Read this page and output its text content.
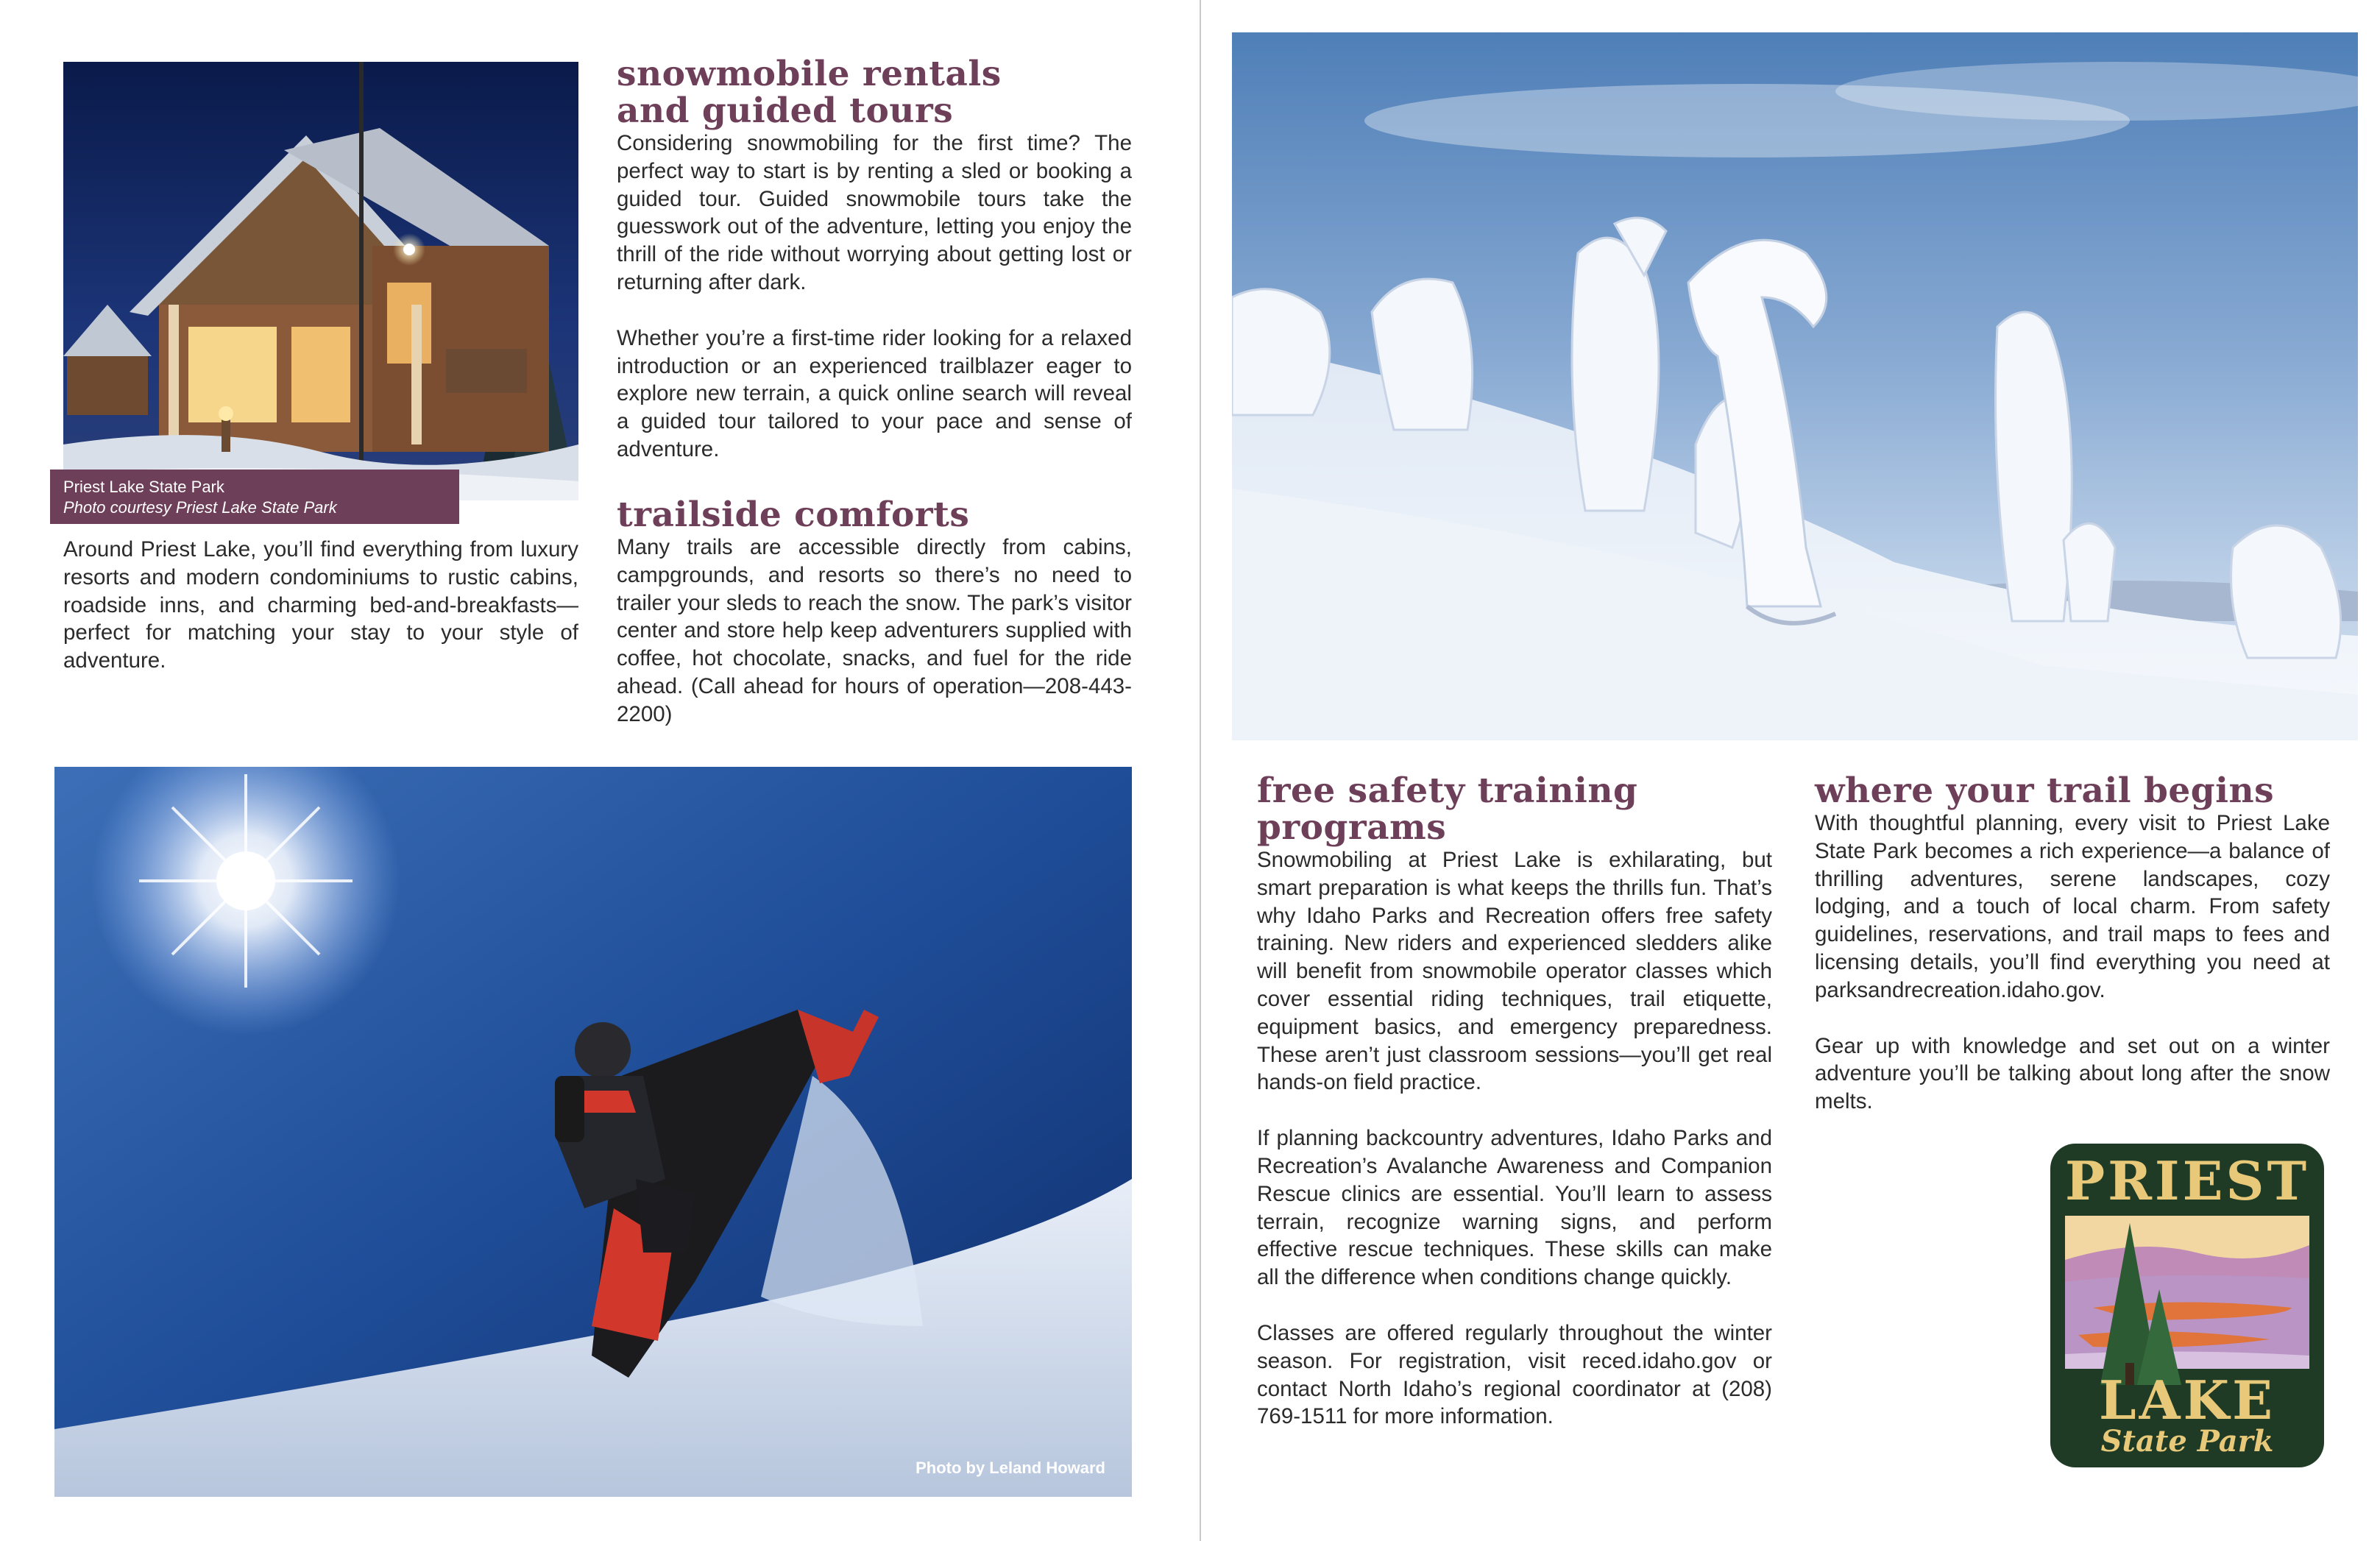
Priest Lake State Park
Photo courtesy Priest Lake State Park

Around Priest Lake, you’ll find everything from luxury resorts and modern condominiums to rustic cabins, roadside inns, and charming bed-and-breakfasts—perfect for matching your stay to your style of adventure.

snowmobile rentals and guided tours

Considering snowmobiling for the first time? The perfect way to start is by renting a sled or booking a guided tour. Guided snowmobile tours take the guesswork out of the adventure, letting you enjoy the thrill of the ride without worrying about getting lost or returning after dark.

Whether you’re a first-time rider looking for a relaxed introduction or an experienced trailblazer eager to explore new terrain, a quick online search will reveal a guided tour tailored to your pace and sense of adventure.

trailside comforts

Many trails are accessible directly from cabins, campgrounds, and resorts so there’s no need to trailer your sleds to reach the snow. The park’s visitor center and store help keep adventurers supplied with coffee, hot chocolate, snacks, and fuel for the ride ahead. (Call ahead for hours of operation—208-443-2200)

Photo by Leland Howard
free safety training programs

Snowmobiling at Priest Lake is exhilarating, but smart preparation is what keeps the thrills fun. That’s why Idaho Parks and Recreation offers free safety training. New riders and experienced sledders alike will benefit from snowmobile operator classes which cover essential riding techniques, trail etiquette, equipment basics, and emergency preparedness. These aren’t just classroom sessions—you’ll get real hands-on field practice.

If planning backcountry adventures, Idaho Parks and Recreation’s Avalanche Awareness and Companion Rescue clinics are essential. You’ll learn to assess terrain, recognize warning signs, and perform effective rescue techniques. These skills can make all the difference when conditions change quickly.

Classes are offered regularly throughout the winter season. For registration, visit reced.idaho.gov or contact North Idaho’s regional coordinator at (208) 769-1511 for more information.

where your trail begins

With thoughtful planning, every visit to Priest Lake State Park becomes a rich experience—a balance of thrilling adventures, serene landscapes, cozy lodging, and a touch of local charm. From safety guidelines, reservations, and trail maps to fees and licensing details, you’ll find everything you need at parksandrecreation.idaho.gov.

Gear up with knowledge and set out on a winter adventure you’ll be talking about long after the snow melts.

PRIEST
LAKE
State Park
